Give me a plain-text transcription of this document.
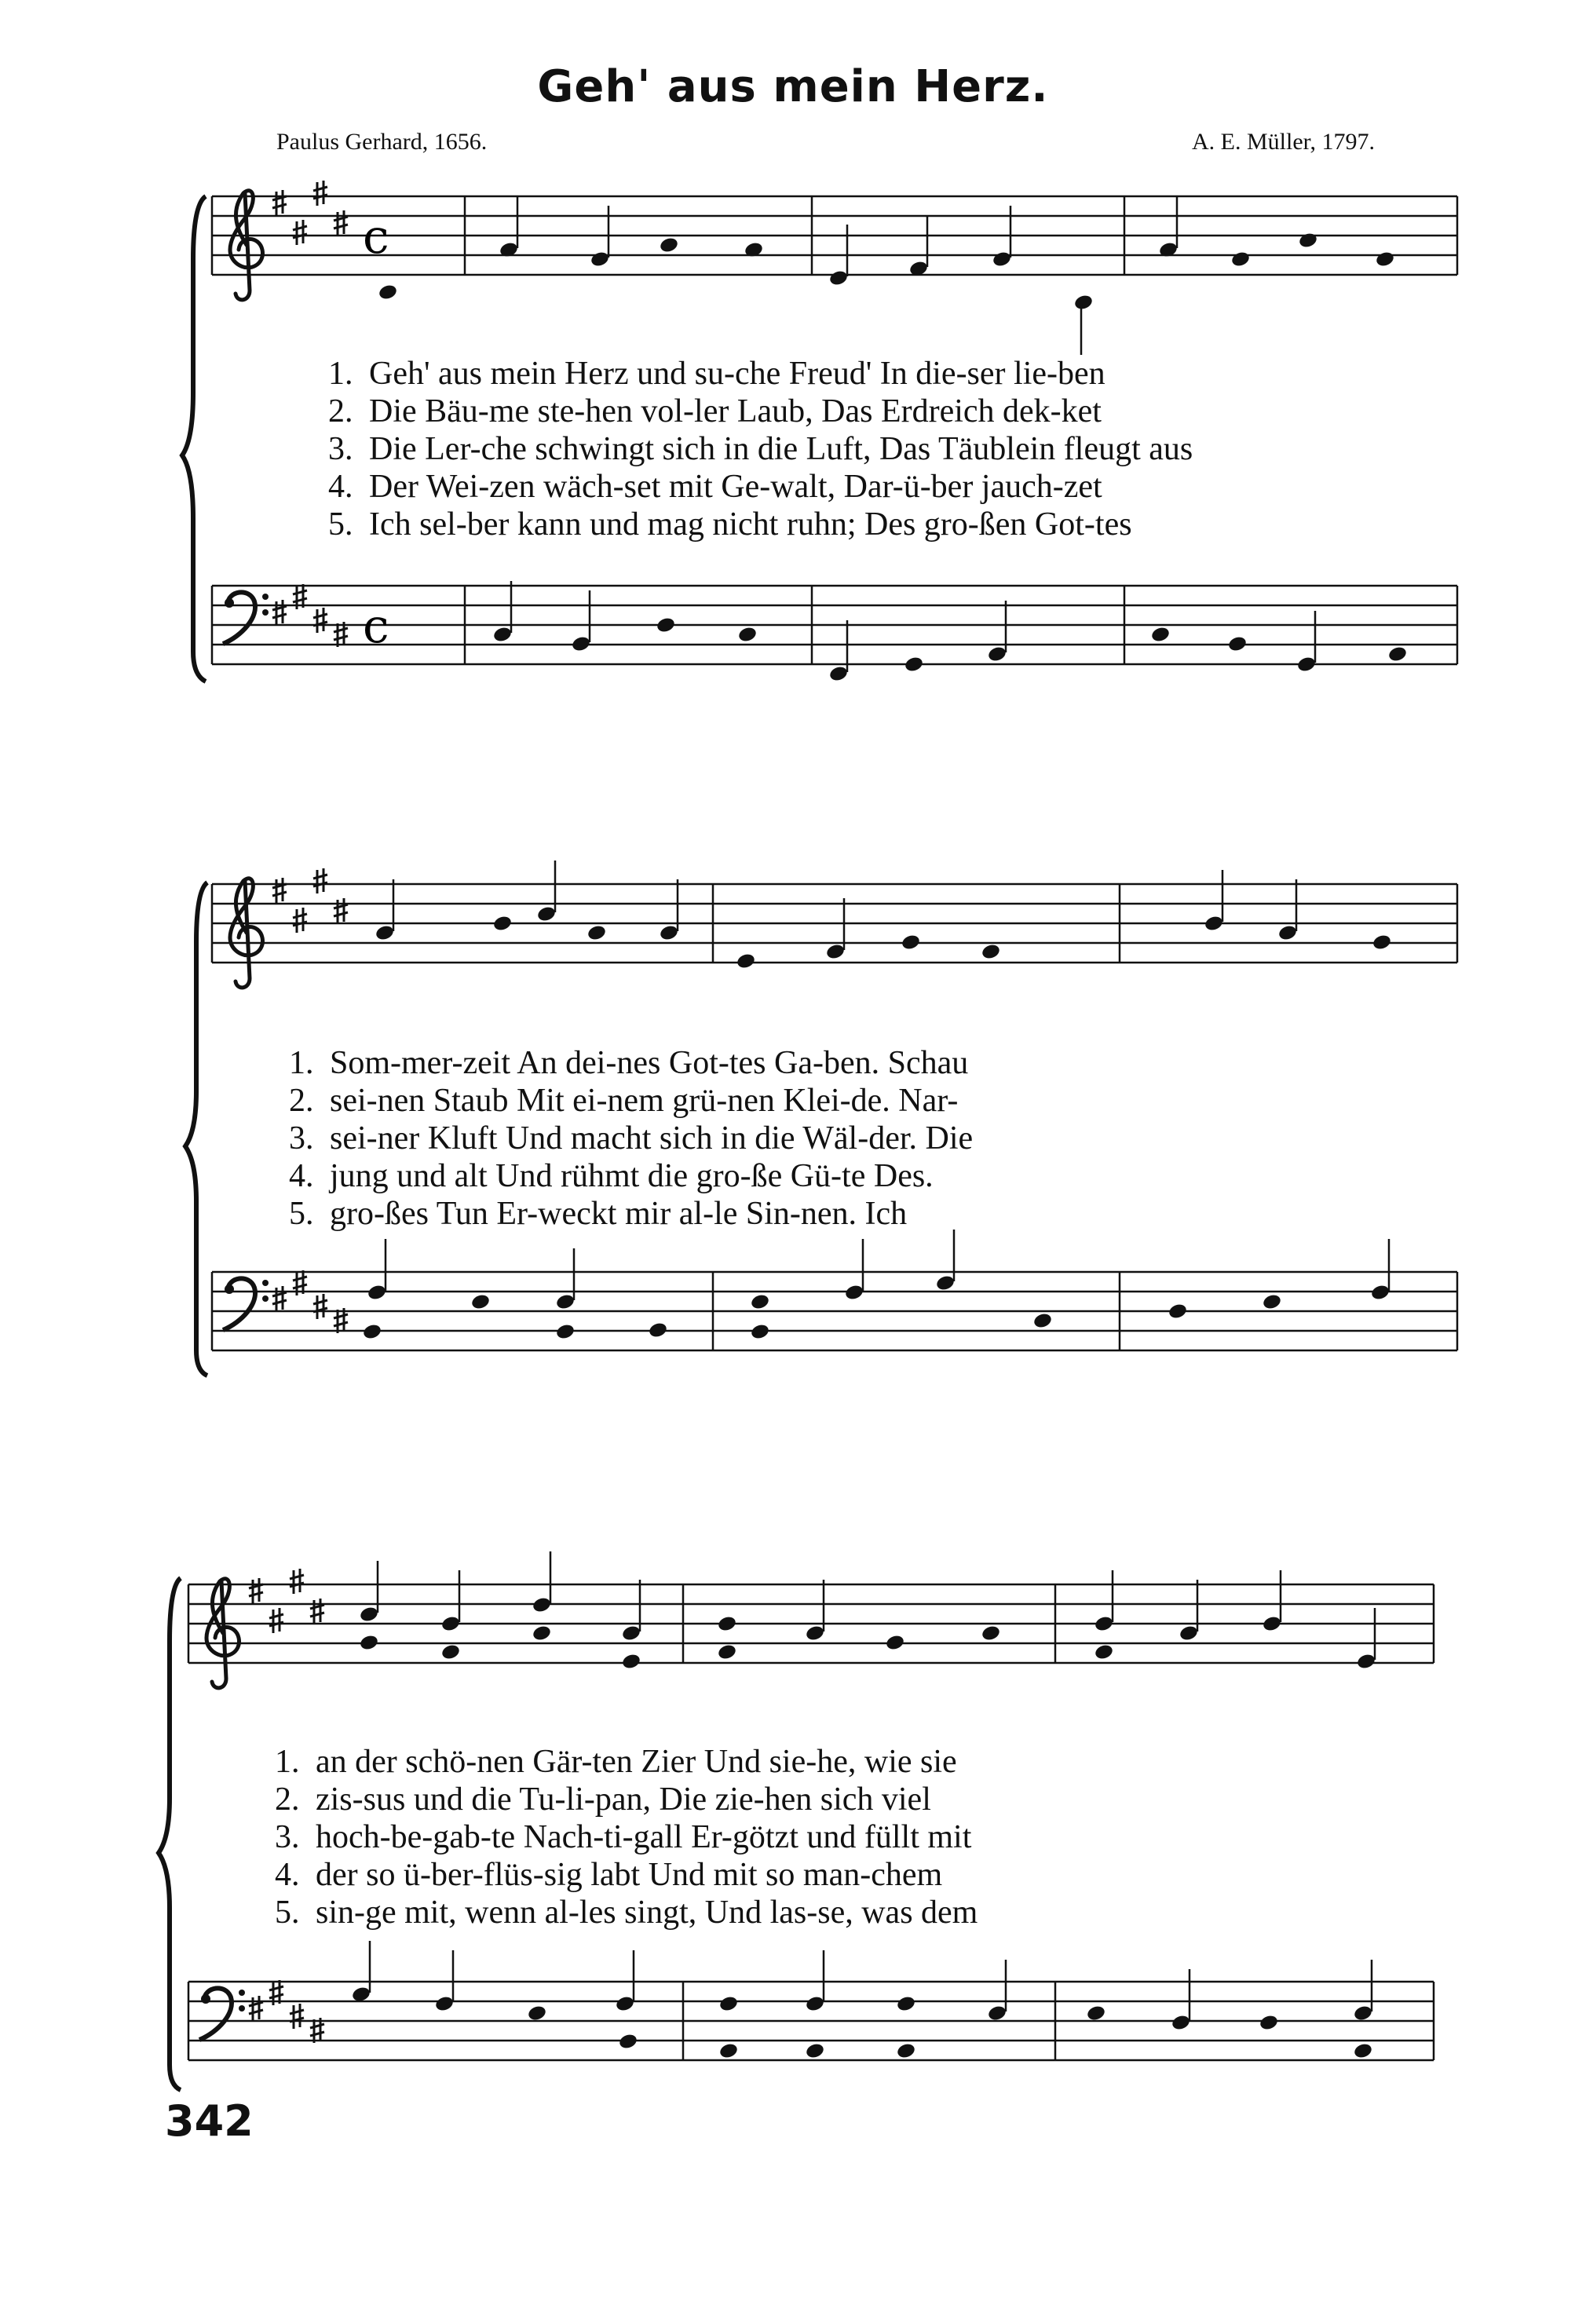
Geh' aus mein Herz.
Paulus Gerhard, 1656.	A. E. Müller, 1797.
c
c
1. Geh' aus mein Herz und su-che Freud' In die-ser lie-ben
2. Die Bäu-me ste-hen vol-ler Laub, Das Erdreich dek-ket
3. Die Ler-che schwingt sich in die Luft, Das Täublein fleugt aus
4. Der Wei-zen wäch-set mit Ge-walt, Dar-ü-ber jauch-zet
5. Ich sel-ber kann und mag nicht ruhn; Des gro-ßen Got-tes
1. Som-mer-zeit An dei-nes Got-tes Ga-ben. Schau
2. sei-nen Staub Mit ei-nem grü-nen Klei-de. Nar-
3. sei-ner Kluft Und macht sich in die Wäl-der. Die
4. jung und alt Und rühmt die gro-ße Gü-te Des.
5. gro-ßes Tun Er-weckt mir al-le Sin-nen. Ich
1. an der schö-nen Gär-ten Zier Und sie-he, wie sie
2. zis-sus und die Tu-li-pan, Die zie-hen sich viel
3. hoch-be-gab-te Nach-ti-gall Er-götzt und füllt mit
4. der so ü-ber-flüs-sig labt Und mit so man-chem
5. sin-ge mit, wenn al-les singt, Und las-se, was dem
342
